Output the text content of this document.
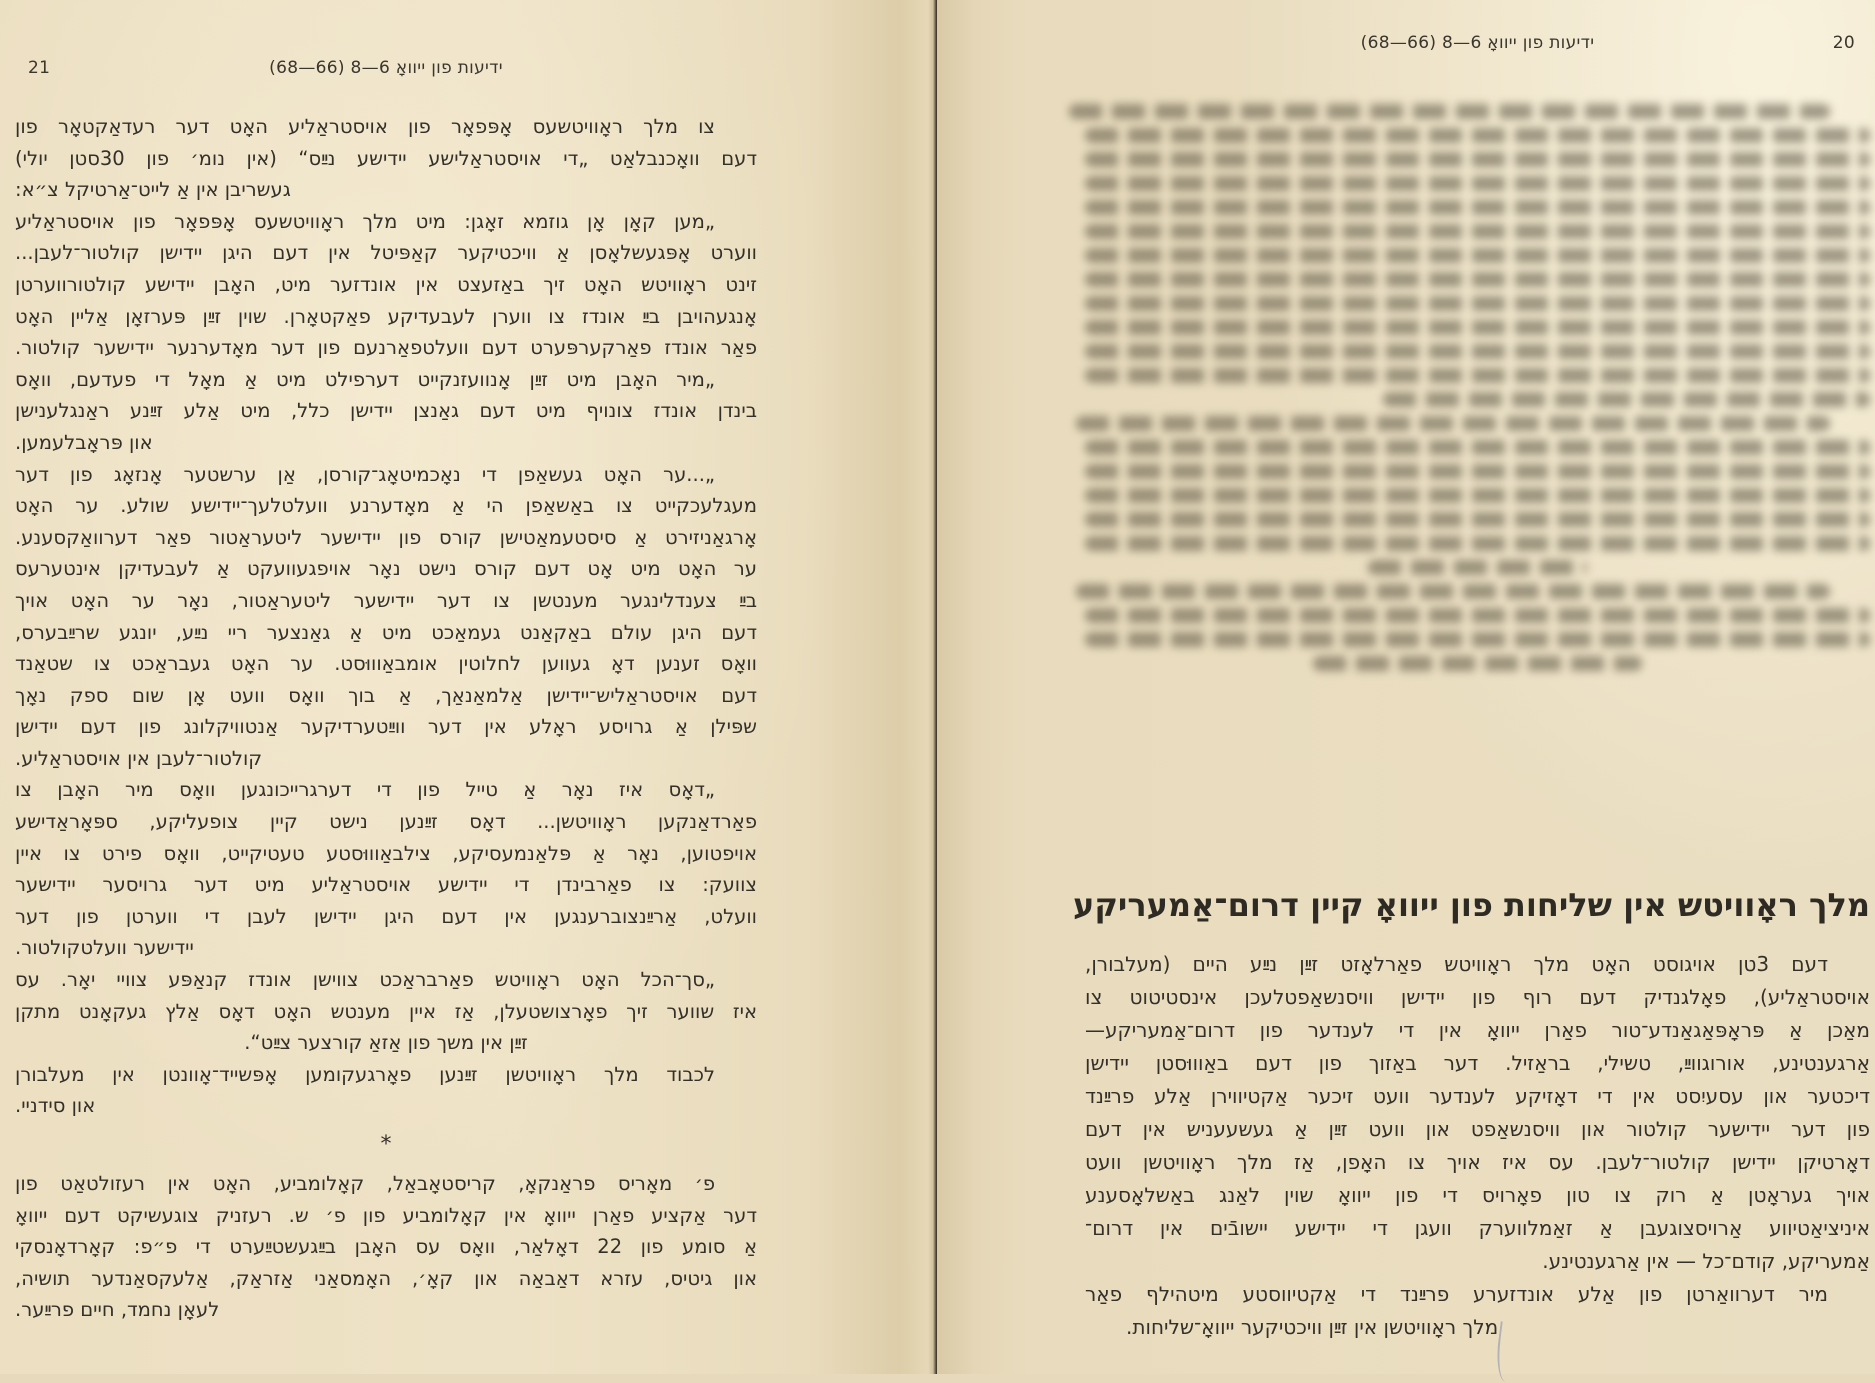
21	ידיעות פון ייוואָ 6—8 (66—68)
צו מלך ראָוויטשעס אָפּפאָר פון אויסטראַליע האָט דער רעדאַקטאָר פון
דעם וואָכנבלאַט „די אויסטראַלישע יידישע נײַס“ (אין נומ׳ פון 30סטן יולי)
געשריבן אין אַ לייט־אַרטיקל צ״א:
„מען קאָן אָן גוזמא זאָגן: מיט מלך ראָוויטשעס אָפּפאָר פון אויסטראַליע
ווערט אָפּגעשלאָסן אַ וויכטיקער קאַפּיטל אין דעם היגן יידישן קולטור־לעבן...
זינט ראָוויטש האָט זיך באַזעצט אין אונדזער מיט, האָבן יידישע קולטורווערטן
אָנגעהויבן בײַ אונדז צו ווערן לעבעדיקע פאַקטאָרן. שוין זײַן פּערזאָן אַליין האָט
פאַר אונדז פאַרקערפּערט דעם וועלטפאַרנעם פון דער מאָדערנער יידישער קולטור.
„מיר האָבן מיט זײַן אָנוועזנקייט דערפילט מיט אַ מאָל די פעדעם, וואָס
בינדן אונדז צונויף מיט דעם גאַנצן יידישן כלל, מיט אַלע זײַנע ראַנגלענישן
און פּראָבלעמען.
„...ער האָט געשאַפן די נאָכמיטאָג־קורסן, אַן ערשטער אָנזאָג פון דער
מעגלעכקייט צו באַשאַפן הי אַ מאָדערנע וועלטלעך־יידישע שולע. ער האָט
אָרגאַניזירט אַ סיסטעמאַטישן קורס פון יידישער ליטעראַטור פאַר דערוואַקסענע.
ער האָט מיט אָט דעם קורס נישט נאָר אויפגעוועקט אַ לעבעדיקן אינטערעס
בײַ צענדלינגער מענטשן צו דער יידישער ליטעראַטור, נאָר ער האָט אויך
דעם היגן עולם באַקאַנט געמאַכט מיט אַ גאַנצער ריי נײַע, יונגע שרײַבערס,
וואָס זענען דאָ געווען לחלוטין אומבאַוווּסט. ער האָט געבראַכט צו שטאַנד
דעם אויסטראַליש־יידישן אַלמאַנאַך, אַ בוך וואָס וועט אָן שום ספק נאָך
שפּילן אַ גרויסע ראָלע אין דער ווײַטערדיקער אַנטוויקלונג פון דעם יידישן
קולטור־לעבן אין אויסטראַליע.
„דאָס איז נאָר אַ טייל פון די דערגרייכונגען וואָס מיר האָבן צו
פאַרדאַנקען ראָוויטשן... דאָס זײַנען נישט קיין צופעליקע, ספּאָראַדישע
אויפטוען, נאָר אַ פּלאַנמעסיקע, צילבאַוווּסטע טעטיקייט, וואָס פירט צו איין
צוועק: צו פאַרבינדן די יידישע אויסטראַליע מיט דער גרויסער יידישער
וועלט, אַרײַנצוברענגען אין דעם היגן יידישן לעבן די ווערטן פון דער
יידישער וועלטקולטור.
„סך־הכל האָט ראָוויטש פאַרבראַכט צווישן אונדז קנאַפּע צוויי יאָר. עס
איז שווער זיך פאָרצושטעלן, אַז איין מענטש האָט דאָס אַלץ געקאָנט מתקן
זײַן אין משך פון אַזאַ קורצער צײַט“.
לכבוד מלך ראָוויטשן זײַנען פאָרגעקומען אָפּשייד־אָוונטן אין מעלבורן
און סידניי.
*
פ׳ מאָריס פראַנקאָ, קריסטאָבאַל, קאָלומביע, האָט אין רעזולטאַט פון
דער אַקציע פאַרן ייוואָ אין קאָלומביע פון פ׳ ש. רעזניק צוגעשיקט דעם ייוואָ
אַ סומע פון 22 דאָלאַר, וואָס עס האָבן בײַגעשטײַערט די פ״פ: קאָרדאָנסקי
און גיטיס, עזרא דאַבאַה און קאָ׳, האָמסאַני אַזראַק, אַלעקסאַנדער תושיה,
לעאָן נחמד, חיים פרײַער.
ידיעות פון ייוואָ 6—8 (66—68)	20
מלך ראָוויטש אין שליחות פון ייוואָ קיין דרום־אַמעריקע
דעם 3טן אויגוסט האָט מלך ראָוויטש פאַרלאָזט זײַן נײַע היים (מעלבורן,
אויסטראַליע), פאָלגנדיק דעם רוף פון יידישן וויסנשאַפטלעכן אינסטיטוט צו
מאַכן אַ פּראָפּאַגאַנדע־טור פאַרן ייוואָ אין די לענדער פון דרום־אַמעריקע—
אַרגענטינע, אורוגווײַ, טשילי, בראַזיל. דער באַזוך פון דעם באַוווּסטן יידישן
דיכטער און עסעיִסט אין די דאָזיקע לענדער וועט זיכער אַקטיווירן אַלע פרײַנד
פון דער יידישער קולטור און וויסנשאַפט און וועט זײַן אַ געשעעניש אין דעם
דאָרטיקן יידישן קולטור־לעבן. עס איז אויך צו האָפן, אַז מלך ראָוויטשן וועט
אויך געראָטן אַ רוק צו טון פאָרויס די פון ייוואָ שוין לאַנג באַשלאָסענע
איניציאַטיווע אַרויסצוגעבן אַ זאַמלווערק וועגן די יידישע יישובֿים אין דרום־
אַמעריקע, קודם־כל — אין אַרגענטינע.
מיר דערוואַרטן פון אַלע אונדזערע פרײַנד די אַקטיווסטע מיטהילף פאַר
מלך ראָוויטשן אין זײַן וויכטיקער ייוואָ־שליחות.
